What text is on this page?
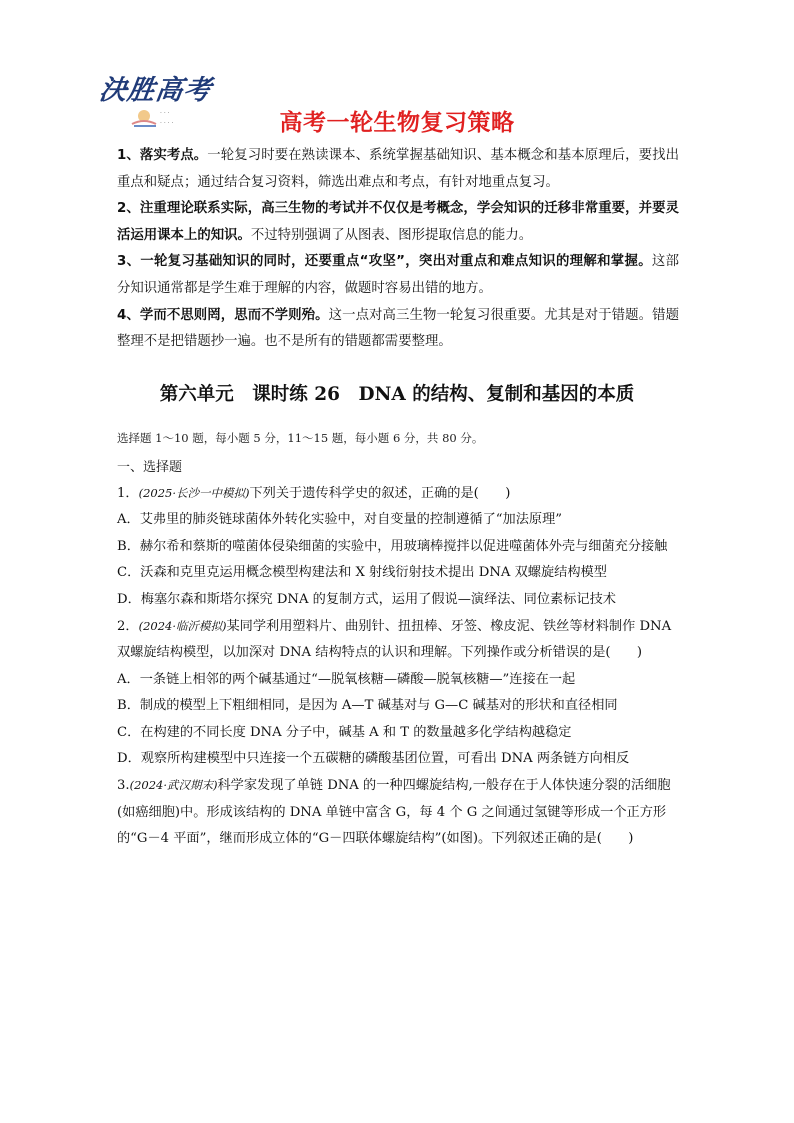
決胜高考
· · ·
· · · ·	高考一轮生物复习策略

1、落实考点。一轮复习时要在熟读课本、系统掌握基础知识、基本概念和基本原理后，要找出重点和疑点；通过结合复习资料，筛选出难点和考点，有针对地重点复习。

2、注重理论联系实际，高三生物的考试并不仅仅是考概念，学会知识的迁移非常重要，并要灵活运用课本上的知识。不过特别强调了从图表、图形提取信息的能力。

3、一轮复习基础知识的同时，还要重点“攻坚”，突出对重点和难点知识的理解和掌握。这部分知识通常都是学生难于理解的内容，做题时容易出错的地方。

4、学而不思则罔，思而不学则殆。这一点对高三生物一轮复习很重要。尤其是对于错题。错题整理不是把错题抄一遍。也不是所有的错题都需要整理。

第六单元　课时练 26　DNA 的结构、复制和基因的本质
选择题 1～10 题，每小题 5 分，11～15 题，每小题 6 分，共 80 分。
一、选择题

1．(2025·长沙一中模拟)下列关于遗传科学史的叙述，正确的是(　　)

A．艾弗里的肺炎链球菌体外转化实验中，对自变量的控制遵循了“加法原理”

B．赫尔希和蔡斯的噬菌体侵染细菌的实验中，用玻璃棒搅拌以促进噬菌体外壳与细菌充分接触

C．沃森和克里克运用概念模型构建法和 X 射线衍射技术提出 DNA 双螺旋结构模型

D．梅塞尔森和斯塔尔探究 DNA 的复制方式，运用了假说—演绎法、同位素标记技术

2．(2024·临沂模拟)某同学利用塑料片、曲别针、扭扭棒、牙签、橡皮泥、铁丝等材料制作 DNA 双螺旋结构模型，以加深对 DNA 结构特点的认识和理解。下列操作或分析错误的是(　　)

A．一条链上相邻的两个碱基通过“—脱氧核糖—磷酸—脱氧核糖—”连接在一起

B．制成的模型上下粗细相同，是因为 A—T 碱基对与 G—C 碱基对的形状和直径相同

C．在构建的不同长度 DNA 分子中，碱基 A 和 T 的数量越多化学结构越稳定

D．观察所构建模型中只连接一个五碳糖的磷酸基团位置，可看出 DNA 两条链方向相反

3.(2024·武汉期末)科学家发现了单链 DNA 的一种四螺旋结构,一般存在于人体快速分裂的活细胞(如癌细胞)中。形成该结构的 DNA 单链中富含 G，每 4 个 G 之间通过氢键等形成一个正方形的“G－4 平面”，继而形成立体的“G－四联体螺旋结构”(如图)。下列叙述正确的是(　　)
